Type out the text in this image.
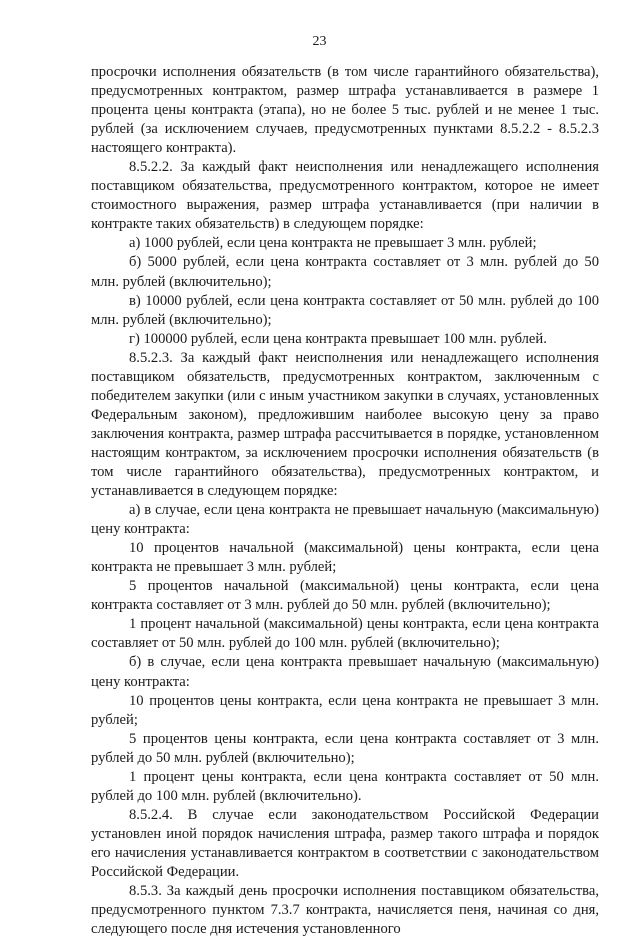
23

просрочки исполнения обязательств (в том числе гарантийного обязательства), предусмотренных контрактом, размер штрафа устанавливается в размере 1 процента цены контракта (этапа), но не более 5 тыс. рублей и не менее 1 тыс. рублей (за исключением случаев, предусмотренных пунктами 8.5.2.2 - 8.5.2.3 настоящего контракта).

8.5.2.2. За каждый факт неисполнения или ненадлежащего исполнения поставщиком обязательства, предусмотренного контрактом, которое не имеет стоимостного выражения, размер штрафа устанавливается (при наличии в контракте таких обязательств) в следующем порядке:

а) 1000 рублей, если цена контракта не превышает 3 млн. рублей;

б) 5000 рублей, если цена контракта составляет от 3 млн. рублей до 50 млн. рублей (включительно);

в) 10000 рублей, если цена контракта составляет от 50 млн. рублей до 100 млн. рублей (включительно);

г) 100000 рублей, если цена контракта превышает 100 млн. рублей.

8.5.2.3. За каждый факт неисполнения или ненадлежащего исполнения поставщиком обязательств, предусмотренных контрактом, заключенным с победителем закупки (или с иным участником закупки в случаях, установленных Федеральным законом), предложившим наиболее высокую цену за право заключения контракта, размер штрафа рассчитывается в порядке, установленном настоящим контрактом, за исключением просрочки исполнения обязательств (в том числе гарантийного обязательства), предусмотренных контрактом, и устанавливается в следующем порядке:

а) в случае, если цена контракта не превышает начальную (максимальную) цену контракта:

10 процентов начальной (максимальной) цены контракта, если цена контракта не превышает 3 млн. рублей;

5 процентов начальной (максимальной) цены контракта, если цена контракта составляет от 3 млн. рублей до 50 млн. рублей (включительно);

1 процент начальной (максимальной) цены контракта, если цена контракта составляет от 50 млн. рублей до 100 млн. рублей (включительно);

б) в случае, если цена контракта превышает начальную (максимальную) цену контракта:

10 процентов цены контракта, если цена контракта не превышает 3 млн. рублей;

5 процентов цены контракта, если цена контракта составляет от 3 млн. рублей до 50 млн. рублей (включительно);

1 процент цены контракта, если цена контракта составляет от 50 млн. рублей до 100 млн. рублей (включительно).

8.5.2.4. В случае если законодательством Российской Федерации установлен иной порядок начисления штрафа, размер такого штрафа и порядок его начисления устанавливается контрактом в соответствии с законодательством Российской Федерации.

8.5.3. За каждый день просрочки исполнения поставщиком обязательства, предусмотренного пунктом 7.3.7 контракта, начисляется пеня, начиная со дня, следующего после дня истечения установленного
